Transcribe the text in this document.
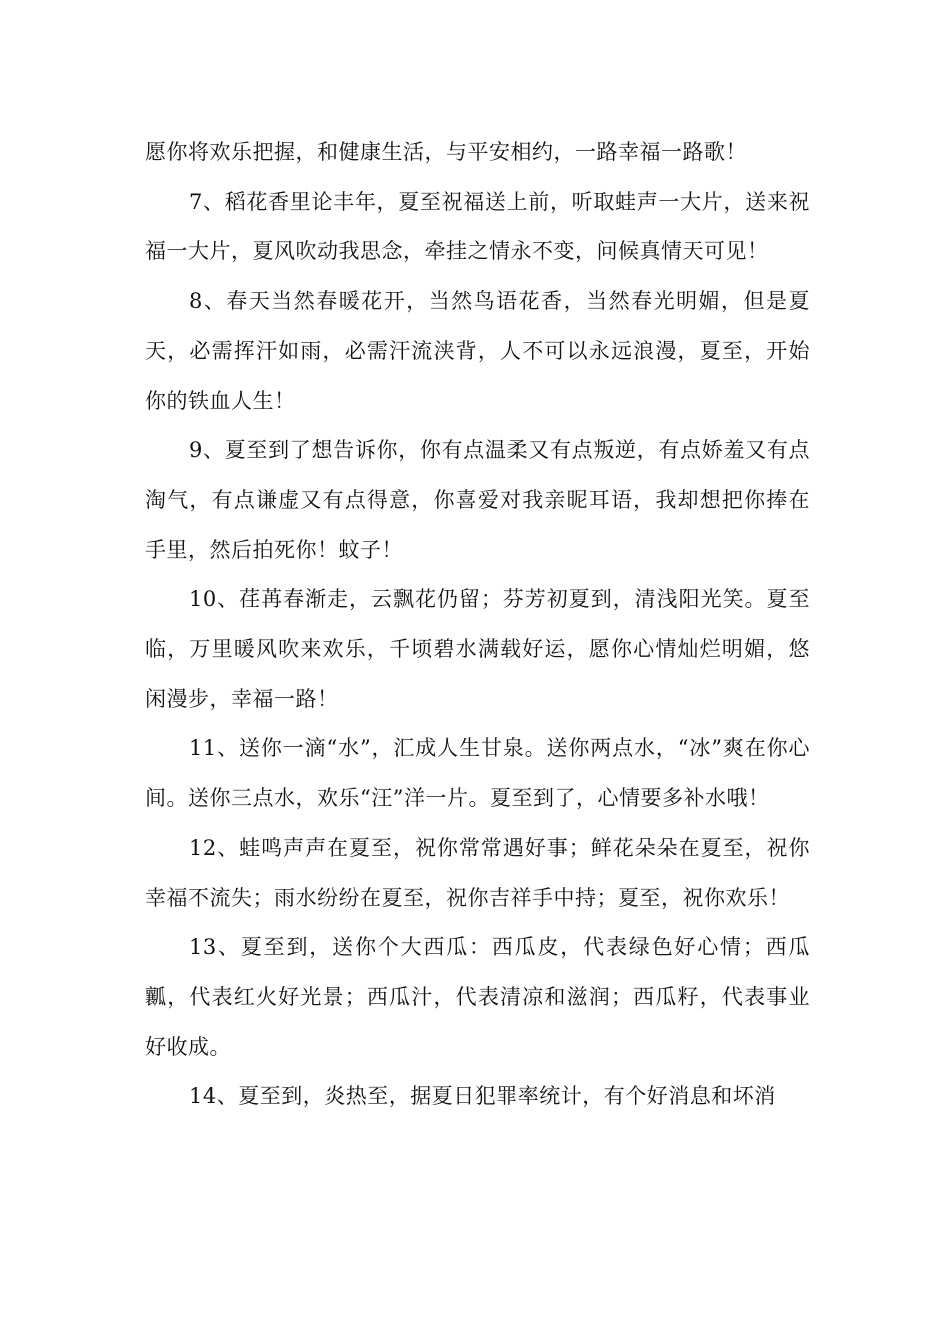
愿你将欢乐把握，和健康生活，与平安相约，一路幸福一路歌！

7、稻花香里论丰年，夏至祝福送上前，听取蛙声一大片，送来祝福一大片，夏风吹动我思念，牵挂之情永不变，问候真情天可见！

8、春天当然春暖花开，当然鸟语花香，当然春光明媚，但是夏天，必需挥汗如雨，必需汗流浃背，人不可以永远浪漫，夏至，开始你的铁血人生！

9、夏至到了想告诉你，你有点温柔又有点叛逆，有点娇羞又有点淘气，有点谦虚又有点得意，你喜爱对我亲昵耳语，我却想把你捧在手里，然后拍死你！蚊子！

10、荏苒春渐走，云飘花仍留；芬芳初夏到，清浅阳光笑。夏至临，万里暖风吹来欢乐，千顷碧水满载好运，愿你心情灿烂明媚，悠闲漫步，幸福一路！

11、送你一滴“水”，汇成人生甘泉。送你两点水，“冰”爽在你心间。送你三点水，欢乐“汪”洋一片。夏至到了，心情要多补水哦！

12、蛙鸣声声在夏至，祝你常常遇好事；鲜花朵朵在夏至，祝你幸福不流失；雨水纷纷在夏至，祝你吉祥手中持；夏至，祝你欢乐！

13、夏至到，送你个大西瓜：西瓜皮，代表绿色好心情；西瓜瓤，代表红火好光景；西瓜汁，代表清凉和滋润；西瓜籽，代表事业好收成。

14、夏至到，炎热至，据夏日犯罪率统计，有个好消息和坏消
